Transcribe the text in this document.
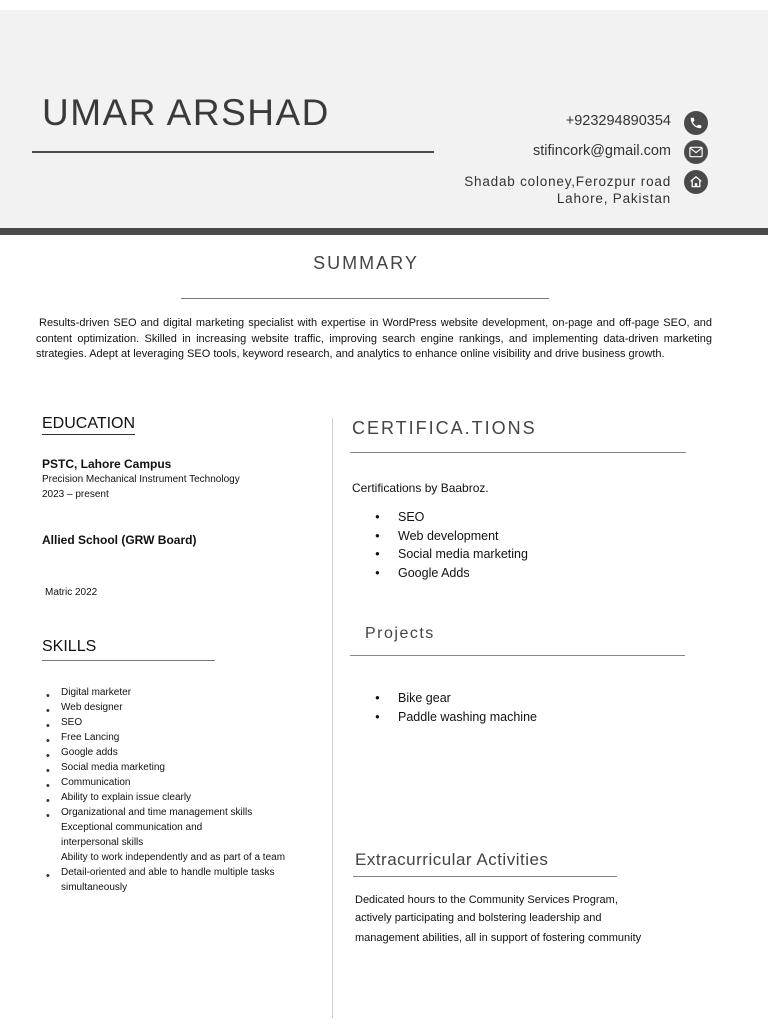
UMAR ARSHAD	+923294890354
stifincork@gmail.com
Shadab coloney,Ferozpur road
Lahore, Pakistan
SUMMARY
Results-driven SEO and digital marketing specialist with expertise in WordPress website development, on-page and off-page SEO, and content optimization. Skilled in increasing website traffic, improving search engine rankings, and implementing data-driven marketing strategies. Adept at leveraging SEO tools, keyword research, and analytics to enhance online visibility and drive business growth.
EDUCATION
PSTC, Lahore Campus
Precision Mechanical Instrument Technology
2023 – present
Allied School (GRW Board)
Matric 2022
SKILLS
• Digital marketer
• Web designer
• SEO
• Free Lancing
• Google adds
• Social media marketing
• Communication
• Ability to explain issue clearly
• Organizational and time management skills
Exceptional communication and
interpersonal skills
Ability to work independently and as part of a team
• Detail-oriented and able to handle multiple tasks
simultaneously
CERTIFICA.TIONS
Certifications by Baabroz.
● SEO
● Web development
● Social media marketing
● Google Adds
Projects
● Bike gear
● Paddle washing machine
Extracurricular Activities
Dedicated hours to the Community Services Program,
actively participating and bolstering leadership and
management abilities, all in support of fostering community
